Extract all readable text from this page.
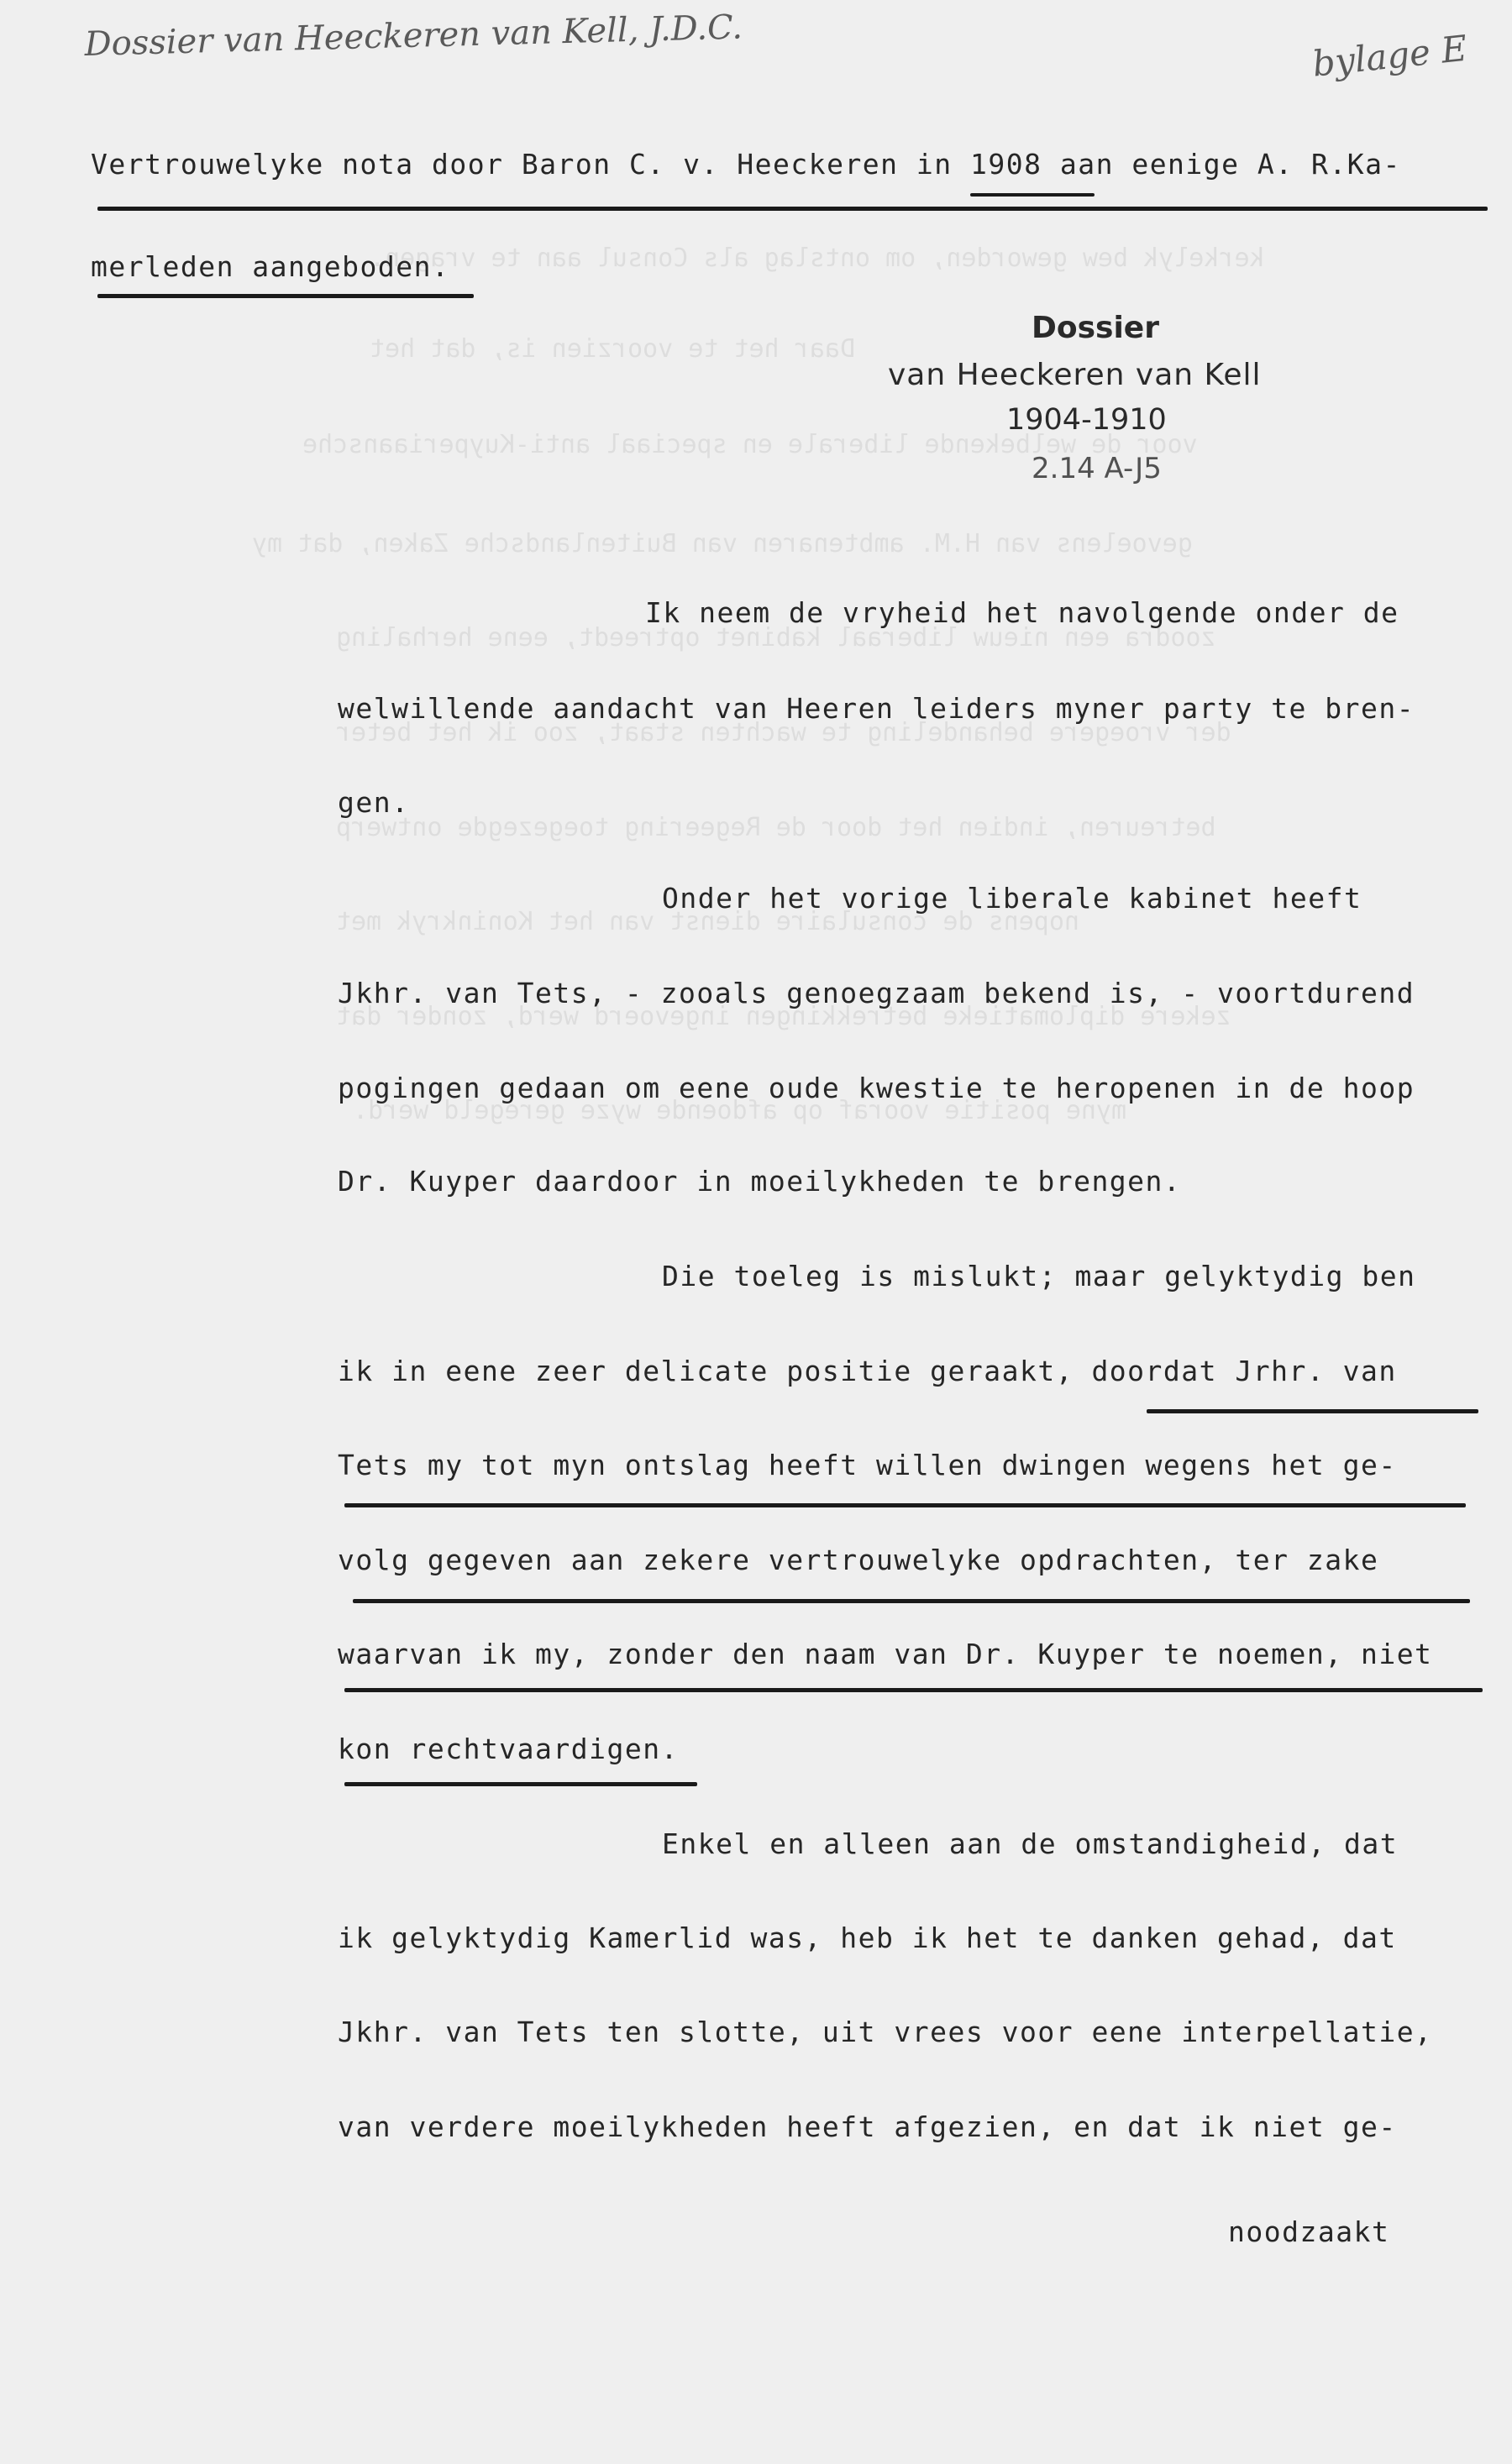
kerkelyk bew geworden, om ontslag als Consul aan te vragen.
Daar het te voorzien is, dat het
voor de welbekende liberale en speciaal anti-Kuyperiaansche
gevoelens van H.M. ambtenaren van Buitenlandsche Zaken, dat my
zoodra een nieuw liberaal kabinet optreedt, eene herhaling
der vroegere behandeling te wachten staat, zoo ik het beter
betreuren, indien het door de Regeering toegezegde ontwerp
nopens de consulaire dienst van het Koninkryk met
zekere diplomatieke betrekkingen ingevoerd werd, zonder dat
myne positie vooraf op afdoende wyze geregeld werd.
Dossier van Heeckeren van Kell, J.D.C.	bylage E
Vertrouwelyke nota door Baron C. v. Heeckeren in 1908 aan eenige A. R.Ka-
merleden aangeboden.
Dossier
van Heeckeren van Kell
1904-1910
2.14 A-J5
Ik neem de vryheid het navolgende onder de
welwillende aandacht van Heeren leiders myner party te bren-
gen.
Onder het vorige liberale kabinet heeft
Jkhr. van Tets, - zooals genoegzaam bekend is, - voortdurend
pogingen gedaan om eene oude kwestie te heropenen in de hoop
Dr. Kuyper daardoor in moeilykheden te brengen.
Die toeleg is mislukt; maar gelyktydig ben
ik in eene zeer delicate positie geraakt, doordat Jrhr. van
Tets my tot myn ontslag heeft willen dwingen wegens het ge-
volg gegeven aan zekere vertrouwelyke opdrachten, ter zake
waarvan ik my, zonder den naam van Dr. Kuyper te noemen, niet
kon rechtvaardigen.
Enkel en alleen aan de omstandigheid, dat
ik gelyktydig Kamerlid was, heb ik het te danken gehad, dat
Jkhr. van Tets ten slotte, uit vrees voor eene interpellatie,
van verdere moeilykheden heeft afgezien, en dat ik niet ge-
noodzaakt
